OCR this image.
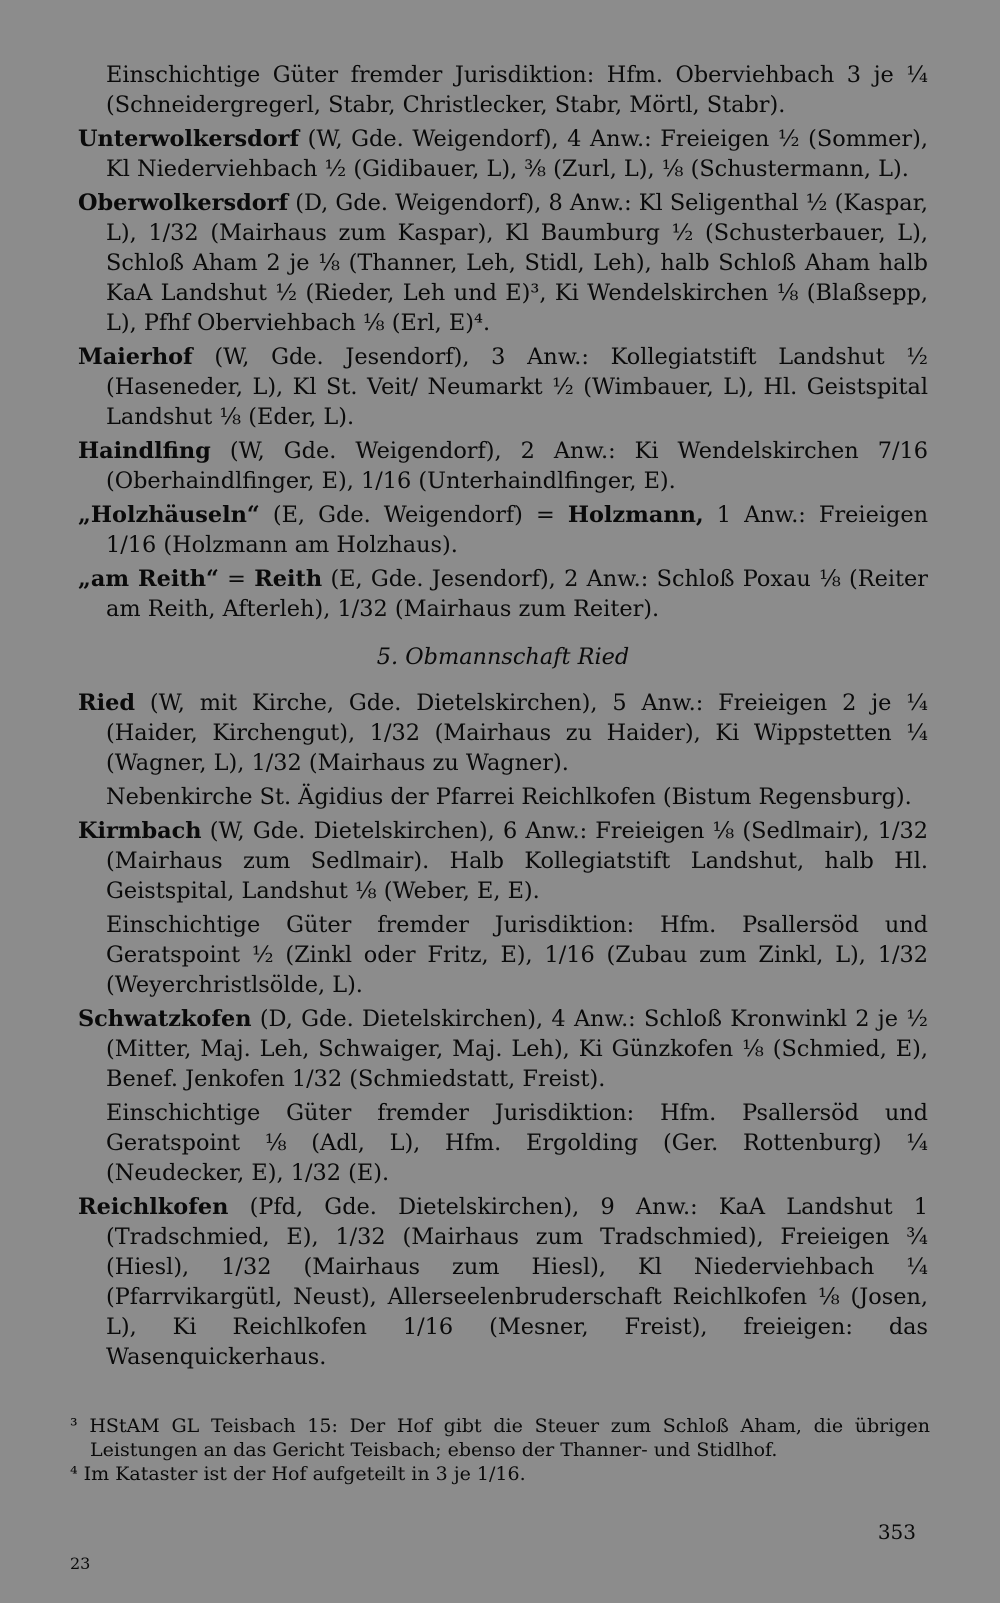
Einschichtige Güter fremder Jurisdiktion: Hfm. Oberviehbach 3 je ¼ (Schneidergregerl, Stabr, Christlecker, Stabr, Mörtl, Stabr).

Unterwolkersdorf (W, Gde. Weigendorf), 4 Anw.: Freieigen ½ (Sommer), Kl Niederviehbach ½ (Gidibauer, L), ⅜ (Zurl, L), ⅛ (Schustermann, L).

Oberwolkersdorf (D, Gde. Weigendorf), 8 Anw.: Kl Seligenthal ½ (Kaspar, L), 1/32 (Mairhaus zum Kaspar), Kl Baumburg ½ (Schusterbauer, L), Schloß Aham 2 je ⅛ (Thanner, Leh, Stidl, Leh), halb Schloß Aham halb KaA Landshut ½ (Rieder, Leh und E)³, Ki Wendelskirchen ⅛ (Blaßsepp, L), Pfhf Oberviehbach ⅛ (Erl, E)⁴.

Maierhof (W, Gde. Jesendorf), 3 Anw.: Kollegiatstift Landshut ½ (Haseneder, L), Kl St. Veit/ Neumarkt ½ (Wimbauer, L), Hl. Geistspital Landshut ⅛ (Eder, L).

Haindlfing (W, Gde. Weigendorf), 2 Anw.: Ki Wendelskirchen 7/16 (Oberhaindlfinger, E), 1/16 (Unterhaindlfinger, E).

„Holzhäuseln“ (E, Gde. Weigendorf) = Holzmann, 1 Anw.: Freieigen 1/16 (Holzmann am Holzhaus).

„am Reith“ = Reith (E, Gde. Jesendorf), 2 Anw.: Schloß Poxau ⅛ (Reiter am Reith, Afterleh), 1/32 (Mairhaus zum Reiter).

5. Obmannschaft Ried

Ried (W, mit Kirche, Gde. Dietelskirchen), 5 Anw.: Freieigen 2 je ¼ (Haider, Kirchengut), 1/32 (Mairhaus zu Haider), Ki Wippstetten ¼ (Wagner, L), 1/32 (Mairhaus zu Wagner).

Nebenkirche St. Ägidius der Pfarrei Reichlkofen (Bistum Regensburg).

Kirmbach (W, Gde. Dietelskirchen), 6 Anw.: Freieigen ⅛ (Sedlmair), 1/32 (Mairhaus zum Sedlmair). Halb Kollegiatstift Landshut, halb Hl. Geistspital, Landshut ⅛ (Weber, E, E).

Einschichtige Güter fremder Jurisdiktion: Hfm. Psallersöd und Geratspoint ½ (Zinkl oder Fritz, E), 1/16 (Zubau zum Zinkl, L), 1/32 (Weyerchristlsölde, L).

Schwatzkofen (D, Gde. Dietelskirchen), 4 Anw.: Schloß Kronwinkl 2 je ½ (Mitter, Maj. Leh, Schwaiger, Maj. Leh), Ki Günzkofen ⅛ (Schmied, E), Benef. Jenkofen 1/32 (Schmiedstatt, Freist).

Einschichtige Güter fremder Jurisdiktion: Hfm. Psallersöd und Geratspoint ⅛ (Adl, L), Hfm. Ergolding (Ger. Rottenburg) ¼ (Neudecker, E), 1/32 (E).

Reichlkofen (Pfd, Gde. Dietelskirchen), 9 Anw.: KaA Landshut 1 (Tradschmied, E), 1/32 (Mairhaus zum Tradschmied), Freieigen ¾ (Hiesl), 1/32 (Mairhaus zum Hiesl), Kl Niederviehbach ¼ (Pfarrvikargütl, Neust), Allerseelenbruderschaft Reichlkofen ⅛ (Josen, L), Ki Reichlkofen 1/16 (Mesner, Freist), freieigen: das Wasenquickerhaus.

³ HStAM GL Teisbach 15: Der Hof gibt die Steuer zum Schloß Aham, die übrigen Leistungen an das Gericht Teisbach; ebenso der Thanner- und Stidlhof.

⁴ Im Kataster ist der Hof aufgeteilt in 3 je 1/16.

353
23
